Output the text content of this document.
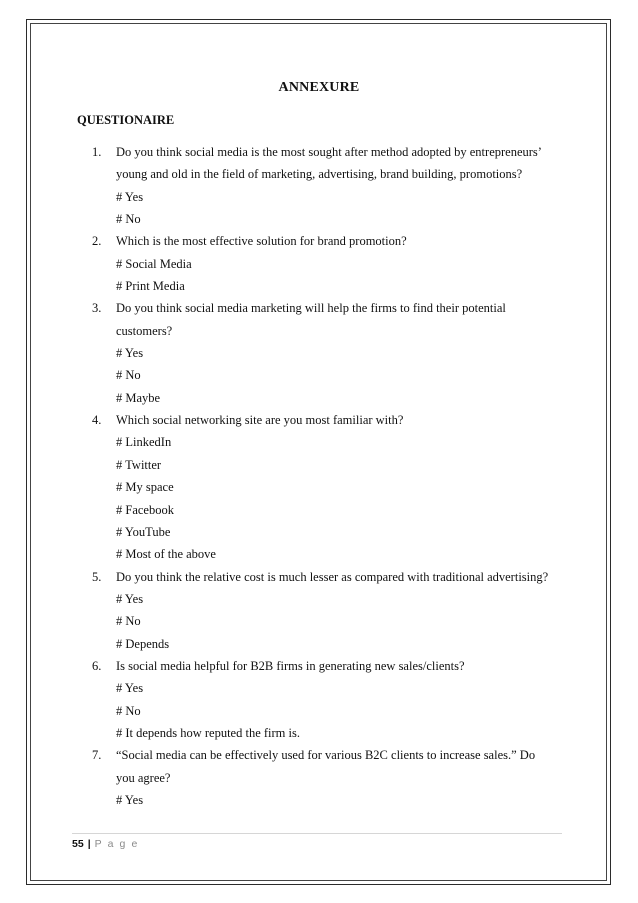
ANNEXURE
QUESTIONAIRE
1.	Do you think social media is the most sought after method adopted by entrepreneurs’
young and old in the field of marketing, advertising, brand building, promotions?
# Yes
# No
2.	Which is the most effective solution for brand promotion?
# Social Media
# Print Media
3.	Do you think social media marketing will help the firms to find their potential
customers?
# Yes
# No
# Maybe
4.	Which social networking site are you most familiar with?
# LinkedIn
# Twitter
# My space
# Facebook
# YouTube
# Most of the above
5.	Do you think the relative cost is much lesser as compared with traditional advertising?
# Yes
# No
# Depends
6.	Is social media helpful for B2B firms in generating new sales/clients?
# Yes
# No
# It depends how reputed the firm is.
7.	“Social media can be effectively used for various B2C clients to increase sales.” Do
you agree?
# Yes
55 | P a g e
